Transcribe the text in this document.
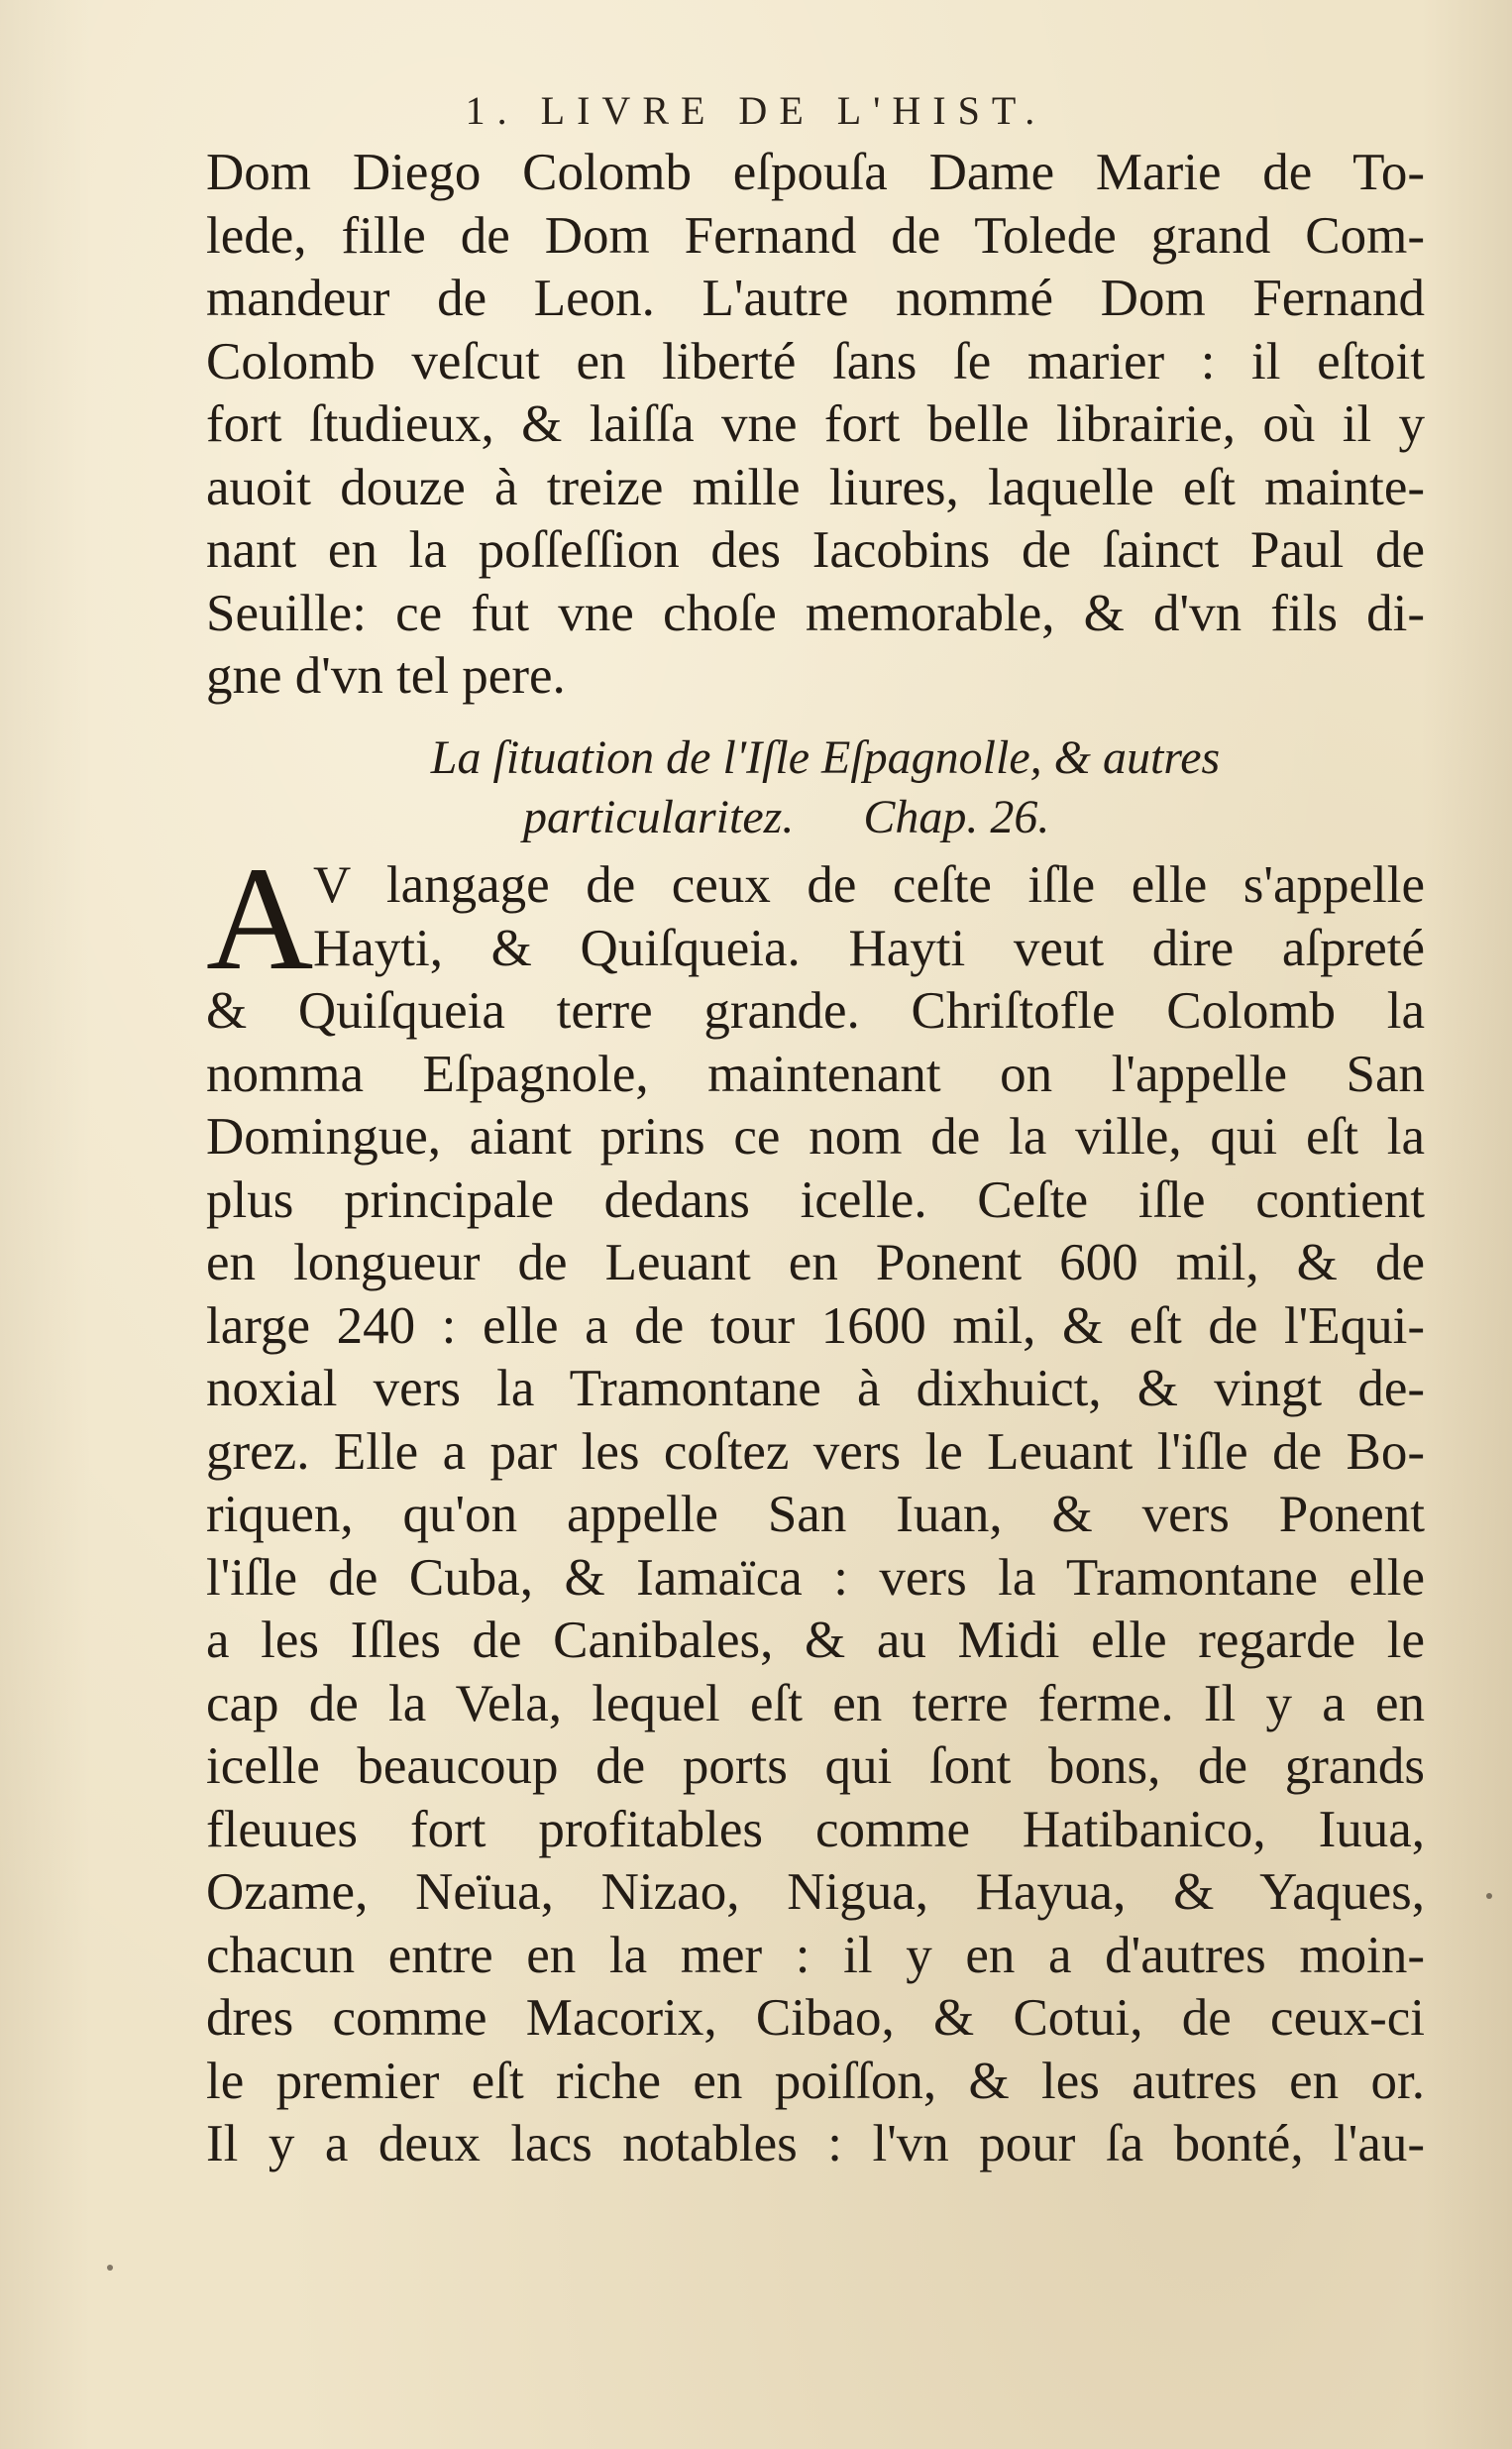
1. LIVRE DE L'HIST.
Dom Diego Colomb eſpouſa Dame Marie de To-
lede, fille de Dom Fernand de Tolede grand Com-
mandeur de Leon. L'autre nommé Dom Fernand
Colomb veſcut en liberté ſans ſe marier : il eſtoit
fort ſtudieux, & laiſſa vne fort belle librairie, où il y
auoit douze à treize mille liures, laquelle eſt mainte-
nant en la poſſeſſion des Iacobins de ſainct Paul de
Seuille: ce fut vne choſe memorable, & d'vn fils di-
gne d'vn tel pere.
La ſituation de l'Iſle Eſpagnolle, & autres
particularitez. Chap. 26.
A V langage de ceux de ceſte iſle elle s'appelle
Hayti, & Quiſqueia. Hayti veut dire aſpreté
& Quiſqueia terre grande. Chriſtofle Colomb la
nomma Eſpagnole, maintenant on l'appelle San
Domingue, aiant prins ce nom de la ville, qui eſt la
plus principale dedans icelle. Ceſte iſle contient
en longueur de Leuant en Ponent 600 mil, & de
large 240 : elle a de tour 1600 mil, & eſt de l'Equi-
noxial vers la Tramontane à dixhuict, & vingt de-
grez. Elle a par les coſtez vers le Leuant l'iſle de Bo-
riquen, qu'on appelle San Iuan, & vers Ponent
l'iſle de Cuba, & Iamaïca : vers la Tramontane elle
a les Iſles de Canibales, & au Midi elle regarde le
cap de la Vela, lequel eſt en terre ferme. Il y a en
icelle beaucoup de ports qui ſont bons, de grands
fleuues fort profitables comme Hatibanico, Iuua,
Ozame, Neïua, Nizao, Nigua, Hayua, & Yaques,
chacun entre en la mer : il y en a d'autres moin-
dres comme Macorix, Cibao, & Cotui, de ceux-ci
le premier eſt riche en poiſſon, & les autres en or.
Il y a deux lacs notables : l'vn pour ſa bonté, l'au-
